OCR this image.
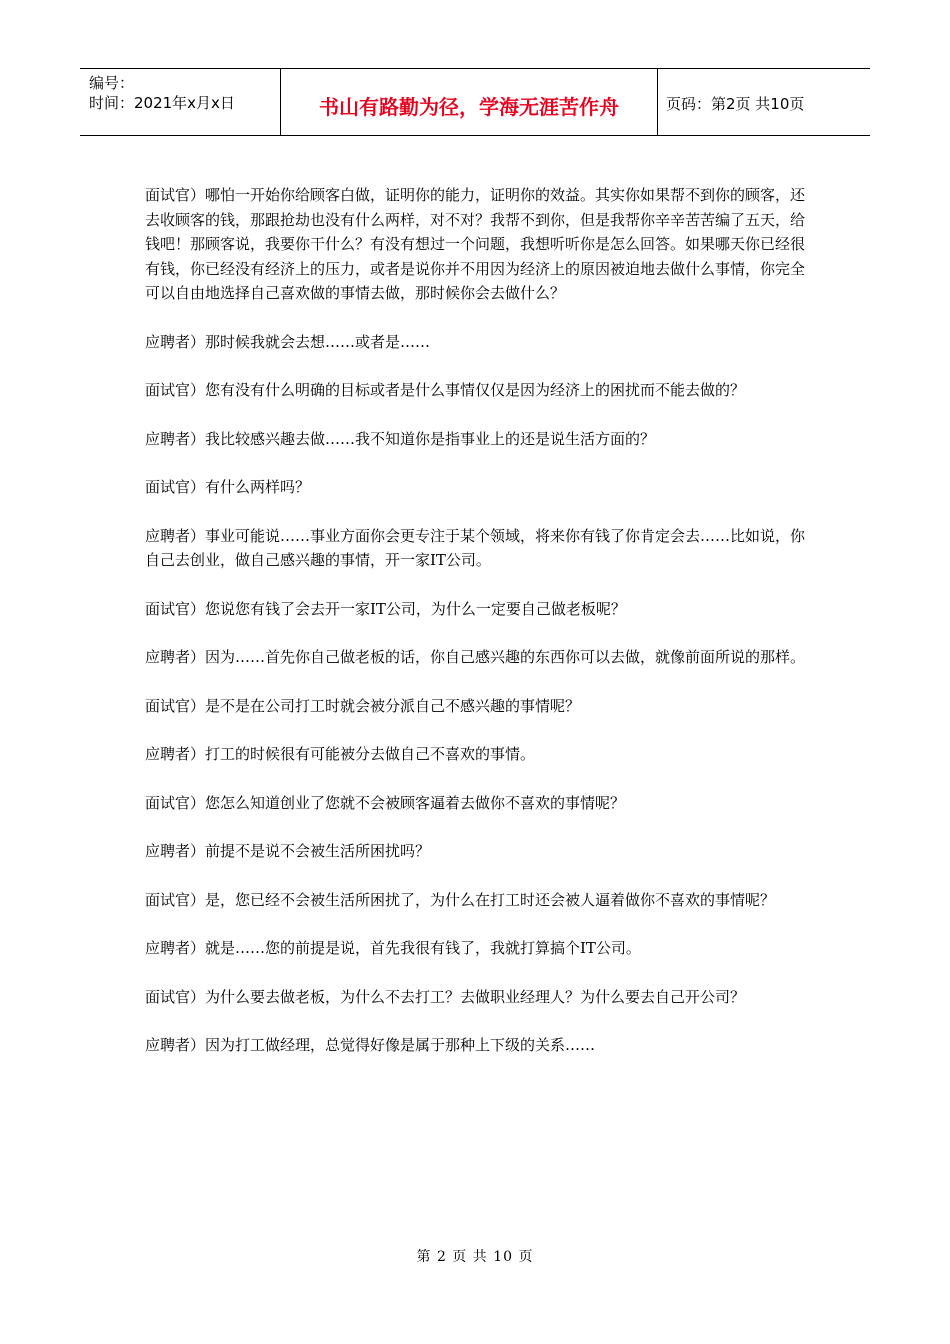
编号：
时间：2021年x月x日	书山有路勤为径，学海无涯苦作舟	页码：第2页 共10页

面试官）哪怕一开始你给顾客白做，证明你的能力，证明你的效益。其实你如果帮不到你的顾客，还去收顾客的钱，那跟抢劫也没有什么两样，对不对？我帮不到你，但是我帮你辛辛苦苦编了五天，给钱吧！那顾客说，我要你干什么？有没有想过一个问题，我想听听你是怎么回答。如果哪天你已经很有钱，你已经没有经济上的压力，或者是说你并不用因为经济上的原因被迫地去做什么事情，你完全可以自由地选择自己喜欢做的事情去做，那时候你会去做什么？

应聘者）那时候我就会去想……或者是……

面试官）您有没有什么明确的目标或者是什么事情仅仅是因为经济上的困扰而不能去做的？

应聘者）我比较感兴趣去做……我不知道你是指事业上的还是说生活方面的？

面试官）有什么两样吗？

应聘者）事业可能说……事业方面你会更专注于某个领域，将来你有钱了你肯定会去……比如说，你自己去创业，做自己感兴趣的事情，开一家IT公司。

面试官）您说您有钱了会去开一家IT公司，为什么一定要自己做老板呢？

应聘者）因为……首先你自己做老板的话，你自己感兴趣的东西你可以去做，就像前面所说的那样。

面试官）是不是在公司打工时就会被分派自己不感兴趣的事情呢？

应聘者）打工的时候很有可能被分去做自己不喜欢的事情。

面试官）您怎么知道创业了您就不会被顾客逼着去做你不喜欢的事情呢？

应聘者）前提不是说不会被生活所困扰吗？

面试官）是，您已经不会被生活所困扰了，为什么在打工时还会被人逼着做你不喜欢的事情呢？

应聘者）就是……您的前提是说，首先我很有钱了，我就打算搞个IT公司。

面试官）为什么要去做老板，为什么不去打工？去做职业经理人？为什么要去自己开公司？

应聘者）因为打工做经理，总觉得好像是属于那种上下级的关系……

第 2 页 共 10 页
